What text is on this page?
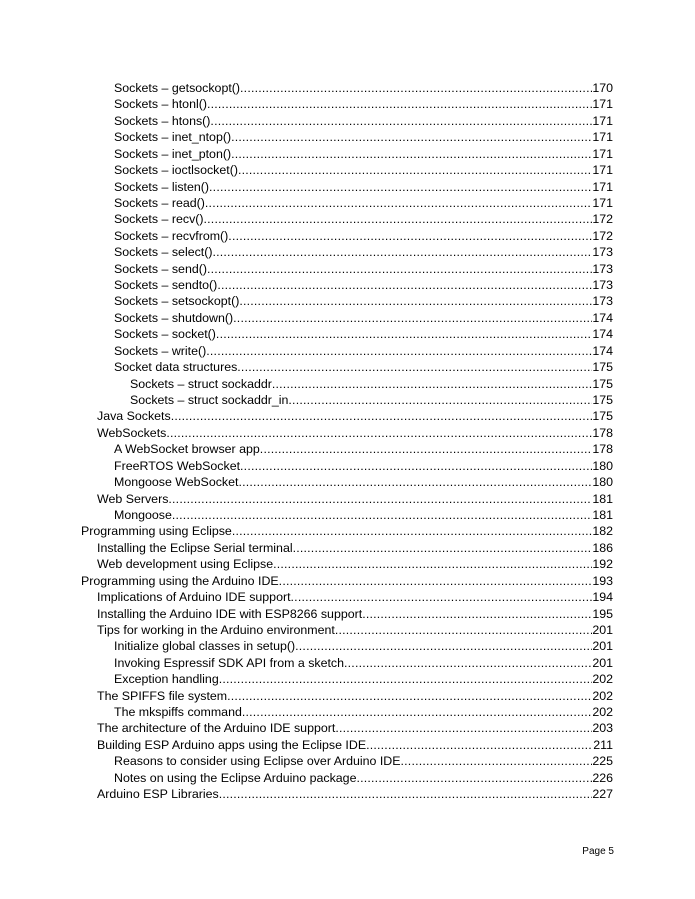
Sockets – getsockopt() .....	170
Sockets – htonl() .....	171
Sockets – htons() .....	171
Sockets – inet_ntop() .....	171
Sockets – inet_pton() .....	171
Sockets – ioctlsocket() .....	171
Sockets – listen() .....	171
Sockets – read() .....	171
Sockets – recv() .....	172
Sockets – recvfrom() .....	172
Sockets – select() .....	173
Sockets – send() .....	173
Sockets – sendto() .....	173
Sockets – setsockopt() .....	173
Sockets – shutdown() .....	174
Sockets – socket() .....	174
Sockets – write() .....	174
Socket data structures .....	175
Sockets – struct sockaddr .....	175
Sockets – struct sockaddr_in .....	175
Java Sockets .....	175
WebSockets .....	178
A WebSocket browser app .....	178
FreeRTOS WebSocket .....	180
Mongoose WebSocket .....	180
Web Servers .....	181
Mongoose .....	181
Programming using Eclipse .....	182
Installing the Eclipse Serial terminal .....	186
Web development using Eclipse .....	192
Programming using the Arduino IDE .....	193
Implications of Arduino IDE support .....	194
Installing the Arduino IDE with ESP8266 support .....	195
Tips for working in the Arduino environment .....	201
Initialize global classes in setup() .....	201
Invoking Espressif SDK API from a sketch .....	201
Exception handling .....	202
The SPIFFS file system .....	202
The mkspiffs command .....	202
The architecture of the Arduino IDE support .....	203
Building ESP Arduino apps using the Eclipse IDE .....	211
Reasons to consider using Eclipse over Arduino IDE .....	225
Notes on using the Eclipse Arduino package .....	226
Arduino ESP Libraries .....	227
Page 5
